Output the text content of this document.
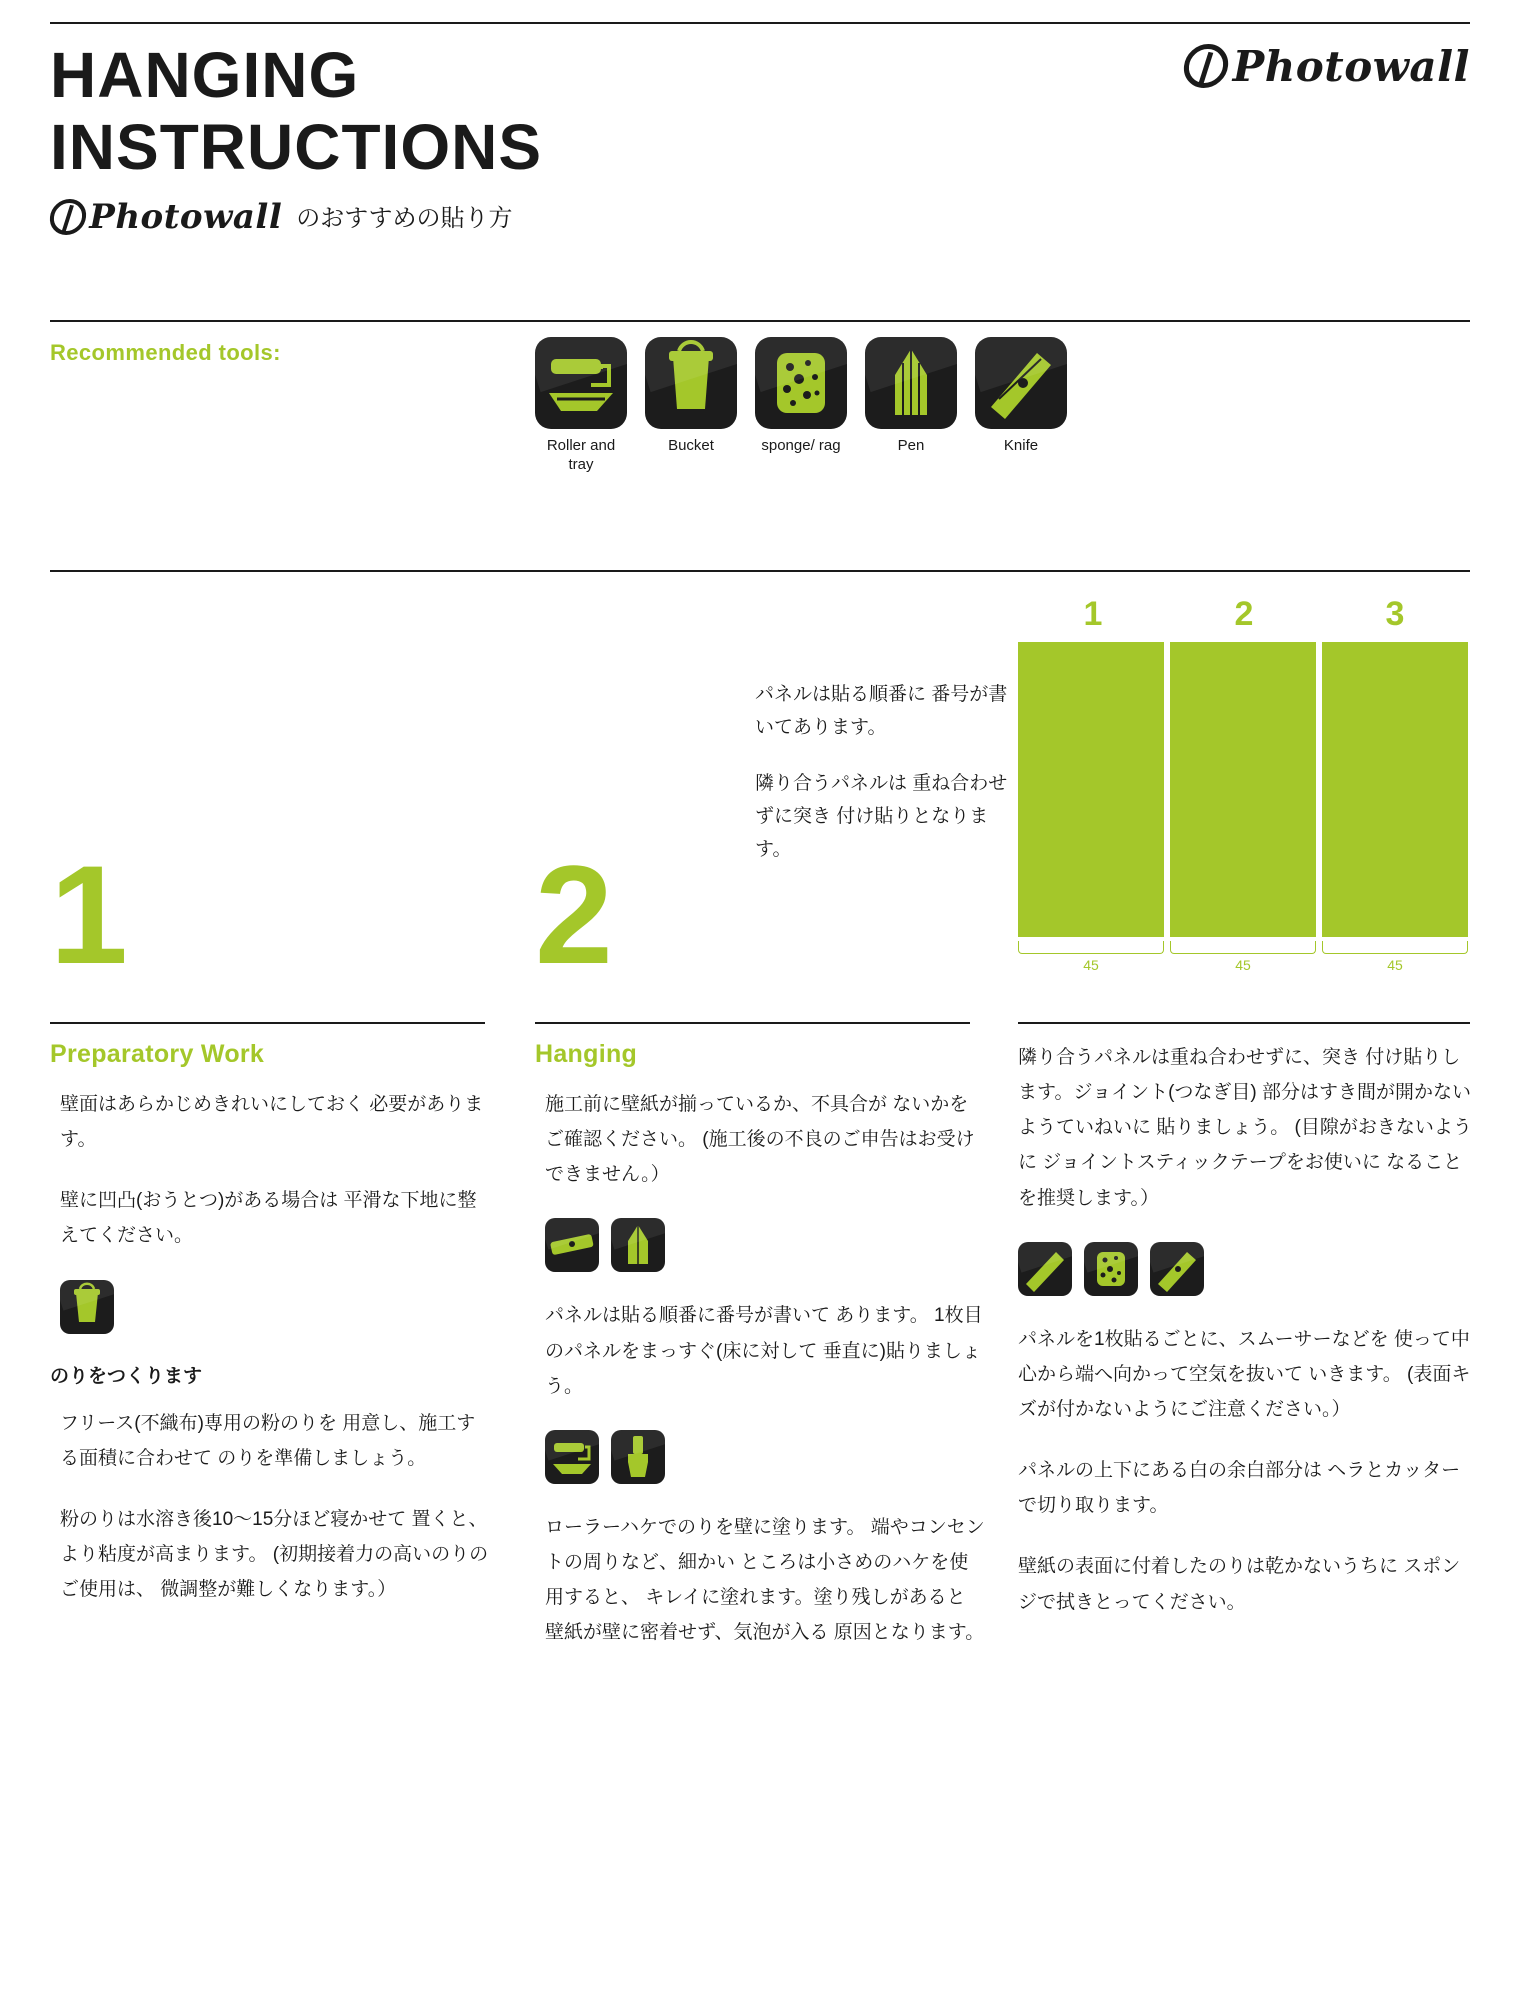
HANGING
INSTRUCTIONS
Photowall のおすすめの貼り方
Photowall
Recommended tools:
Roller and tray
Bucket	sponge/ rag	Pen	Knife
1	2

パネルは貼る順番に 番号が書いてあります。

隣り合うパネルは 重ね合わせずに突き 付け貼りとなります。

1	2	3
45	45	45
Preparatory Work

壁面はあらかじめきれいにしておく 必要があります。

壁に凹凸(おうとつ)がある場合は 平滑な下地に整えてください。

のりをつくります

フリース(不織布)専用の粉のりを 用意し、施工する面積に合わせて のりを準備しましょう。

粉のりは水溶き後10〜15分ほど寝かせて 置くと、より粘度が高まります。 (初期接着力の高いのりのご使用は、 微調整が難しくなります。）

Hanging

施工前に壁紙が揃っているか、不具合が ないかをご確認ください。 (施工後の不良のご申告はお受けできません。）

パネルは貼る順番に番号が書いて あります。 1枚目のパネルをまっすぐ(床に対して 垂直に)貼りましょう。

ローラーハケでのりを壁に塗ります。 端やコンセントの周りなど、細かい ところは小さめのハケを使用すると、 キレイに塗れます。塗り残しがあると 壁紙が壁に密着せず、気泡が入る 原因となります。

隣り合うパネルは重ね合わせずに、突き 付け貼りします。ジョイント(つなぎ目) 部分はすき間が開かないようていねいに 貼りましょう。 (目隙がおきないように ジョイントスティックテープをお使いに なることを推奨します。）

パネルを1枚貼るごとに、スムーサーなどを 使って中心から端へ向かって空気を抜いて いきます。 (表面キズが付かないようにご注意ください。）

パネルの上下にある白の余白部分は ヘラとカッターで切り取ります。

壁紙の表面に付着したのりは乾かないうちに スポンジで拭きとってください。
